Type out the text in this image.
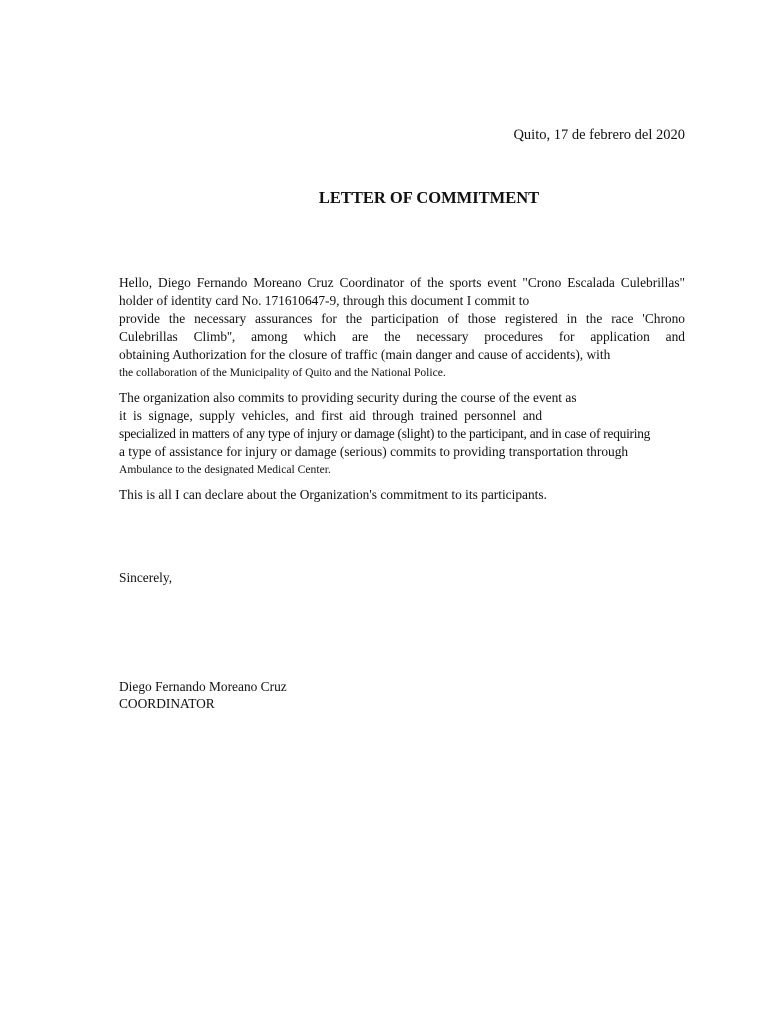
Quito, 17 de febrero del 2020
LETTER OF COMMITMENT
Hello, Diego Fernando Moreano Cruz Coordinator of the sports event "Crono Escalada Culebrillas"
holder of identity card No. 171610647-9, through this document I commit to
provide the necessary assurances for the participation of those registered in the race 'Chrono
Culebrillas Climb'', among which are the necessary procedures for application and
obtaining Authorization for the closure of traffic (main danger and cause of accidents), with
the collaboration of the Municipality of Quito and the National Police.
The organization also commits to providing security during the course of the event as
it is signage, supply vehicles, and first aid through trained personnel and
specialized in matters of any type of injury or damage (slight) to the participant, and in case of requiring
a type of assistance for injury or damage (serious) commits to providing transportation through
Ambulance to the designated Medical Center.
This is all I can declare about the Organization's commitment to its participants.
Sincerely,
Diego Fernando Moreano Cruz
COORDINATOR
